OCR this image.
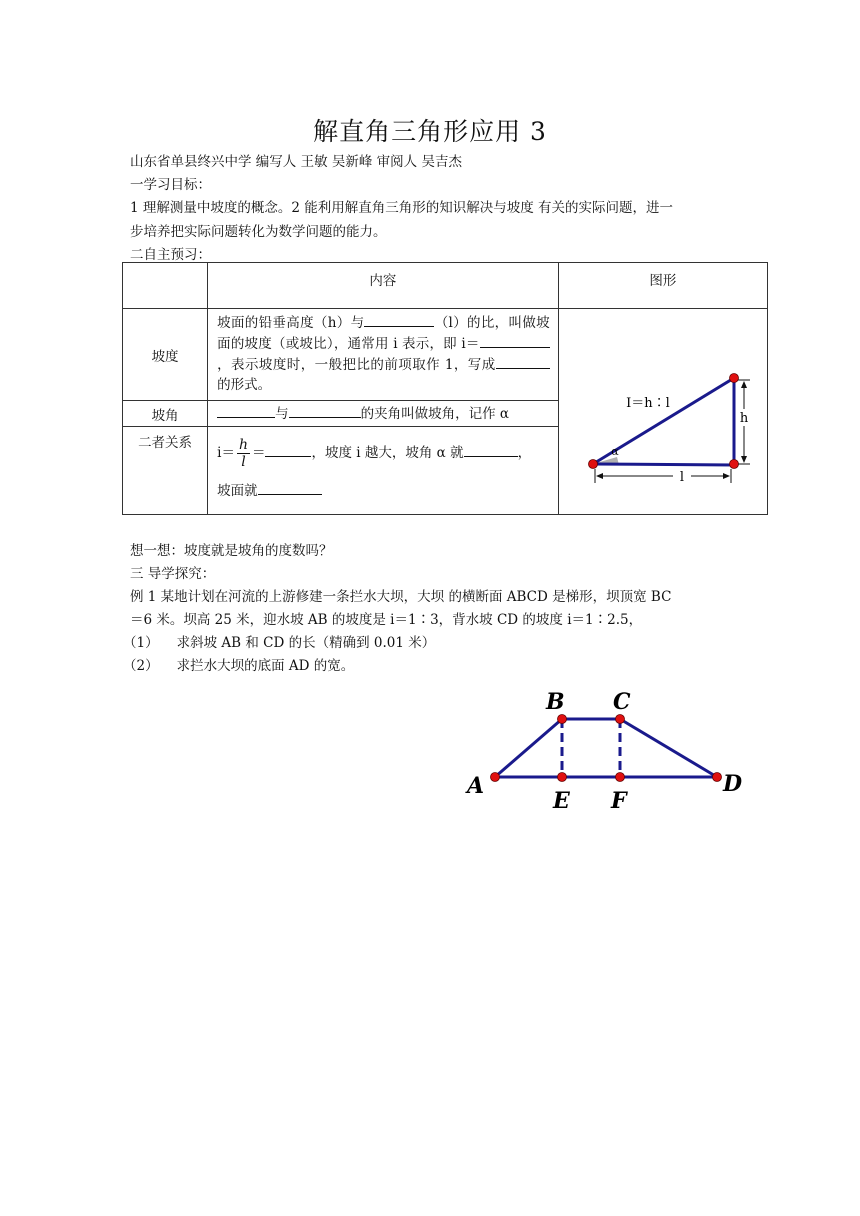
解直角三角形应用 3
山东省单县终兴中学 编写人 王敏 吴新峰 审阅人 吴吉杰
一学习目标：
1 理解测量中坡度的概念。2 能利用解直角三角形的知识解决与坡度 有关的实际问题，进一
步培养把实际问题转化为数学问题的能力。
二自主预习：

	内容	图形

坡度	坡面的铅垂高度（h）与 （l）的比，叫做坡面的坡度（或坡比），通常用 i 表示，即 i＝，表示坡度时，一般把比的前项取作 1，写成的形式。	h
l
I＝h∶l
α

坡角	与 的夹角叫做坡角，记作 α	

二者关系	$i= \frac{h}{l}$ ＝ ，坡度 i 越大，坡角 α 就 ，
坡面就	
想一想：坡度就是坡角的度数吗？
三 导学探究：
例 1 某地计划在河流的上游修建一条拦水大坝，大坝 的横断面 ABCD 是梯形，坝顶宽 BC
＝6 米。坝高 25 米，迎水坡 AB 的坡度是 i＝1∶3，背水坡 CD 的坡度 i＝1∶2.5，
（1） 求斜坡 AB 和 CD 的长（精确到 0.01 米）
（2） 求拦水大坝的底面 AD 的宽。
B C
A	D
E F
